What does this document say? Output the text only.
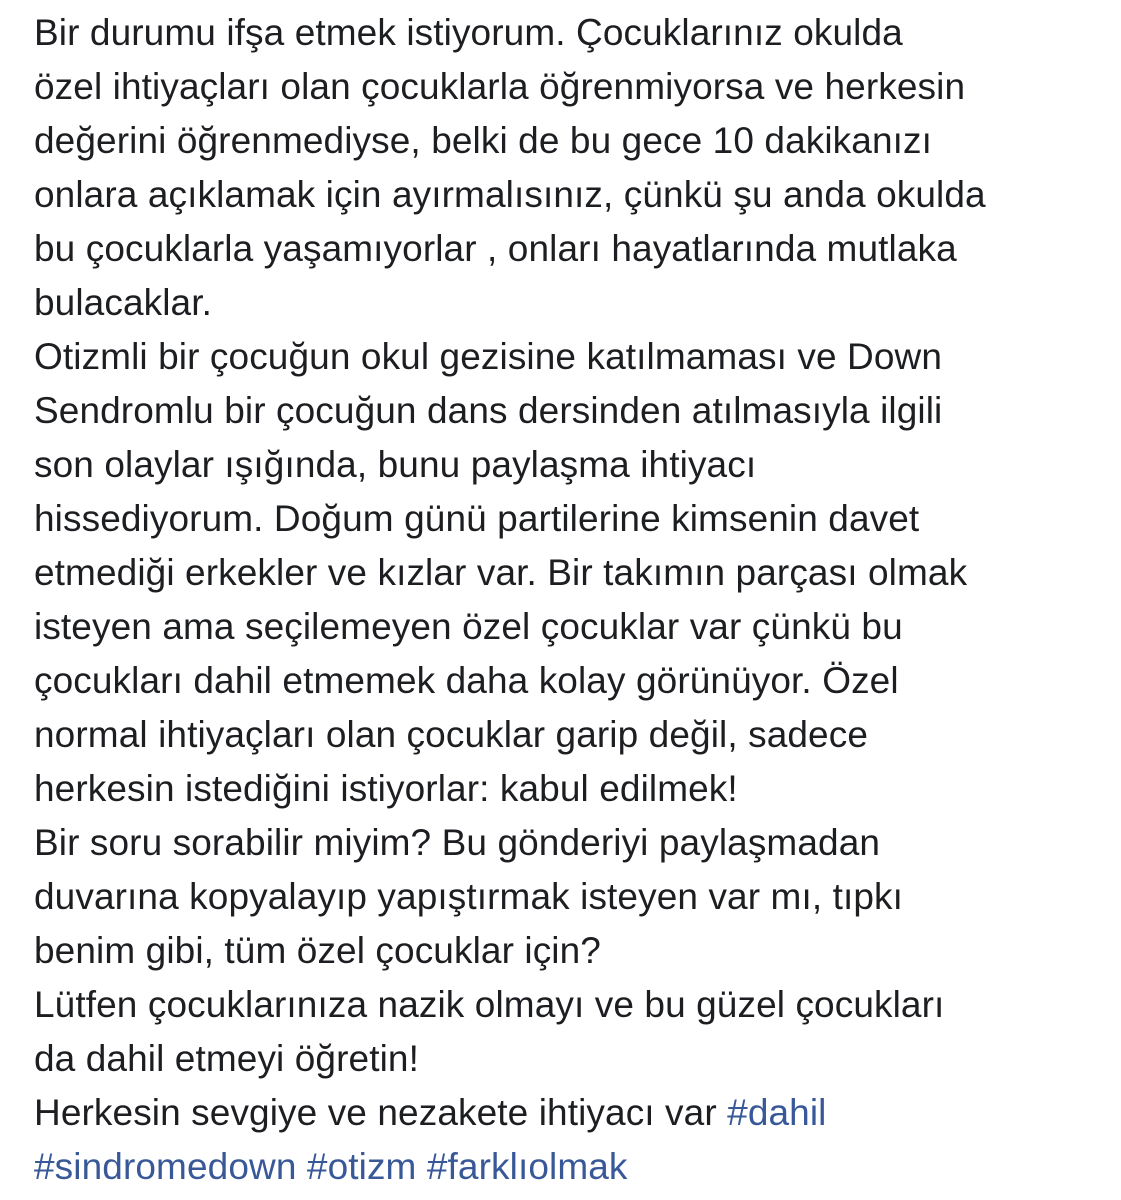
Bir durumu ifşa etmek istiyorum. Çocuklarınız okulda
özel ihtiyaçları olan çocuklarla öğrenmiyorsa ve herkesin
değerini öğrenmediyse, belki de bu gece 10 dakikanızı
onlara açıklamak için ayırmalısınız, çünkü şu anda okulda
bu çocuklarla yaşamıyorlar , onları hayatlarında mutlaka
bulacaklar.
Otizmli bir çocuğun okul gezisine katılmaması ve Down
Sendromlu bir çocuğun dans dersinden atılmasıyla ilgili
son olaylar ışığında, bunu paylaşma ihtiyacı
hissediyorum. Doğum günü partilerine kimsenin davet
etmediği erkekler ve kızlar var. Bir takımın parçası olmak
isteyen ama seçilemeyen özel çocuklar var çünkü bu
çocukları dahil etmemek daha kolay görünüyor. Özel
normal ihtiyaçları olan çocuklar garip değil, sadece
herkesin istediğini istiyorlar: kabul edilmek!
Bir soru sorabilir miyim? Bu gönderiyi paylaşmadan
duvarına kopyalayıp yapıştırmak isteyen var mı, tıpkı
benim gibi, tüm özel çocuklar için?
Lütfen çocuklarınıza nazik olmayı ve bu güzel çocukları
da dahil etmeyi öğretin!
Herkesin sevgiye ve nezakete ihtiyacı var #dahil
#sindromedown #otizm #farklıolmak
